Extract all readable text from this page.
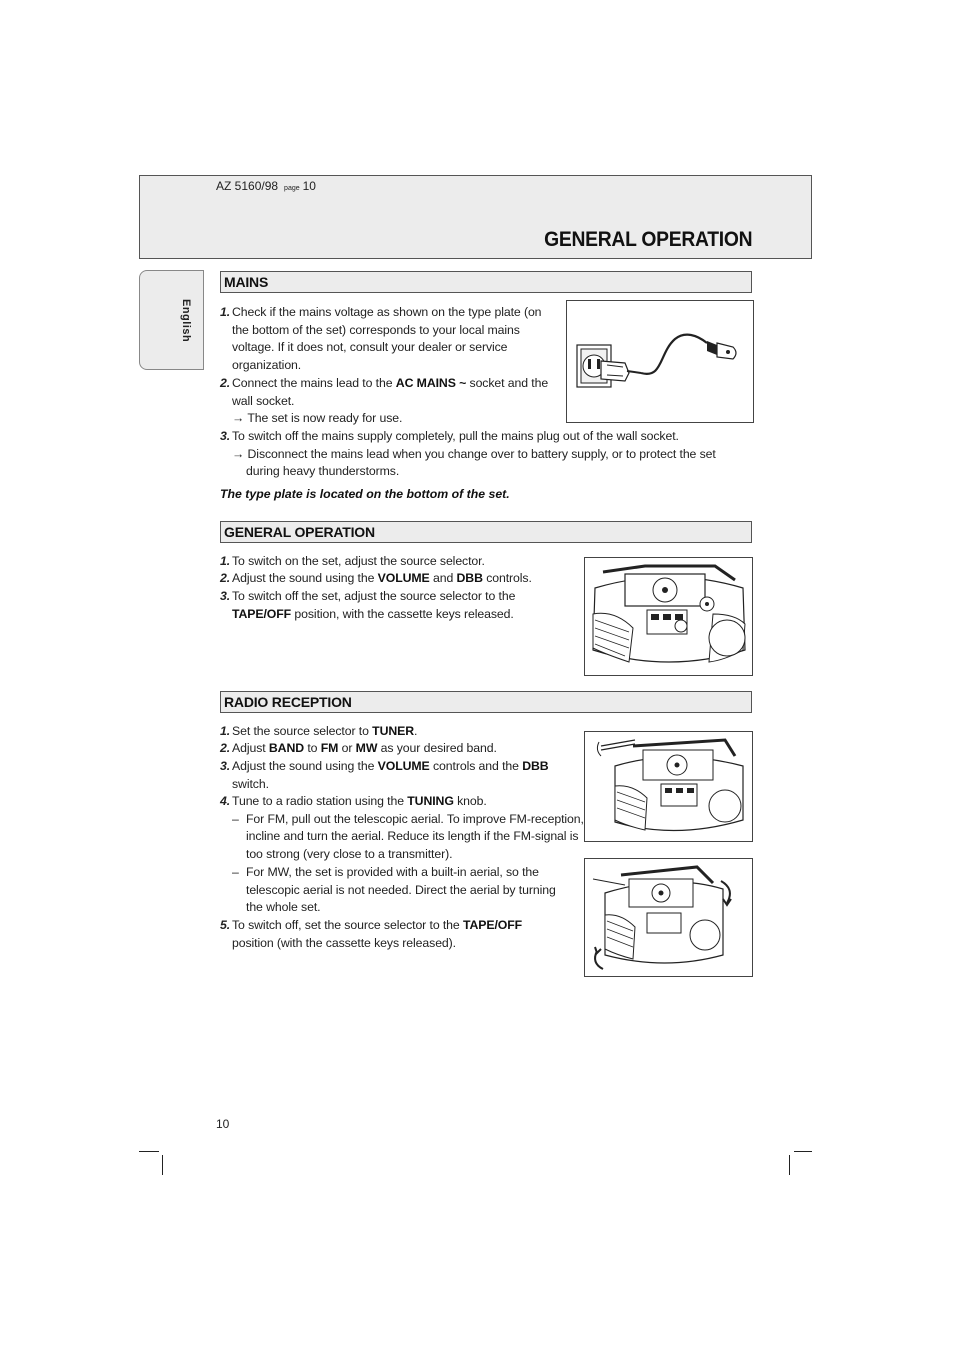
AZ 5160/98 page 10
GENERAL OPERATION
English
MAINS
1. Check if the mains voltage as shown on the type plate (on
the bottom of the set) corresponds to your local mains
voltage. If it does not, consult your dealer or service
organization.
2. Connect the mains lead to the AC MAINS ~ socket and the
wall socket.
→ The set is now ready for use.
3. To switch off the mains supply completely, pull the mains plug out of the wall socket.
→ Disconnect the mains lead when you change over to battery supply, or to protect the set
during heavy thunderstorms.
The type plate is located on the bottom of the set.
GENERAL OPERATION
1. To switch on the set, adjust the source selector.
2. Adjust the sound using the VOLUME and DBB controls.
3. To switch off the set, adjust the source selector to the
TAPE/OFF position, with the cassette keys released.
RADIO RECEPTION
1. Set the source selector to TUNER.
2. Adjust BAND to FM or MW as your desired band.
3. Adjust the sound using the VOLUME controls and the DBB
switch.
4. Tune to a radio station using the TUNING knob.
– For FM, pull out the telescopic aerial. To improve FM-reception,
incline and turn the aerial. Reduce its length if the FM-signal is
too strong (very close to a transmitter).
– For MW, the set is provided with a built-in aerial, so the
telescopic aerial is not needed. Direct the aerial by turning
the whole set.
5. To switch off, set the source selector to the TAPE/OFF
position (with the cassette keys released).
10
